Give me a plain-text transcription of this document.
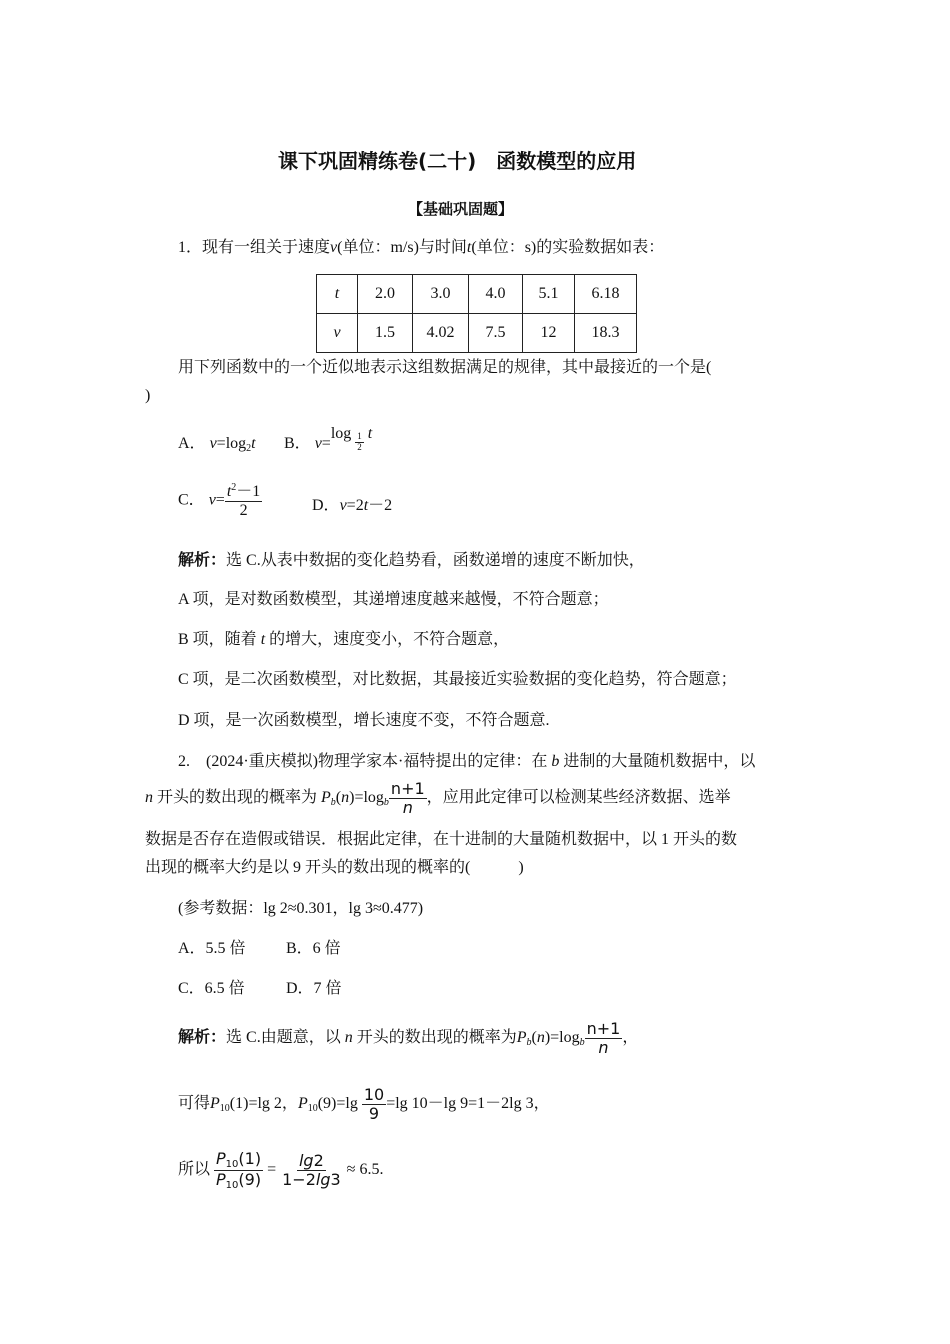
课下巩固精练卷(二十)　函数模型的应用
【基础巩固题】
1．现有一组关于速度v(单位：m/s)与时间t(单位：s)的实验数据如表：
t	2.0	3.0	4.0	5.1	6.18
v	1.5	4.02	7.5	12	18.3
用下列函数中的一个近似地表示这组数据满足的规律，其中最接近的一个是(
)
A． $v=\log_2t$ B． $v=\log \frac{1}{2}$ t
C． $v= \frac{t^2-1}{2}$	D．v=2t－2
解析：选 C.从表中数据的变化趋势看，函数递增的速度不断加快，
A 项，是对数函数模型，其递增速度越来越慢，不符合题意；
B 项，随着 t 的增大，速度变小，不符合题意，
C 项，是二次函数模型，对比数据，其最接近实验数据的变化趋势，符合题意；
D 项，是一次函数模型，增长速度不变，不符合题意.
2.　(2024·重庆模拟)物理学家本·福特提出的定律：在 b 进制的大量随机数据中，以
n 开头的数出现的概率为 $P_b(n)=\log_b \frac{n+1}{n}$ ，应用此定律可以检测某些经济数据、选举
数据是否存在造假或错误．根据此定律，在十进制的大量随机数据中，以 1 开头的数
出现的概率大约是以 9 开头的数出现的概率的(　　　)
(参考数据：lg 2≈0.301，lg 3≈0.477)
A．5.5 倍	B．6 倍
C．6.5 倍	D．7 倍
解析：选 C.由题意，以 n 开头的数出现的概率为$P_b(n)=\log_b \frac{n+1}{n}$ ，
可得$P_{10}(1)=\lg$ 2，$P_{10}(9)=\lg \frac{10}{9} =\lg$ 10－lg 9=1－2lg 3，
所以 $\frac{P_{10}(1)}{P_{10}(9)} = \frac{\lg 2}{1-2\lg 3} \approx 6.5$.
